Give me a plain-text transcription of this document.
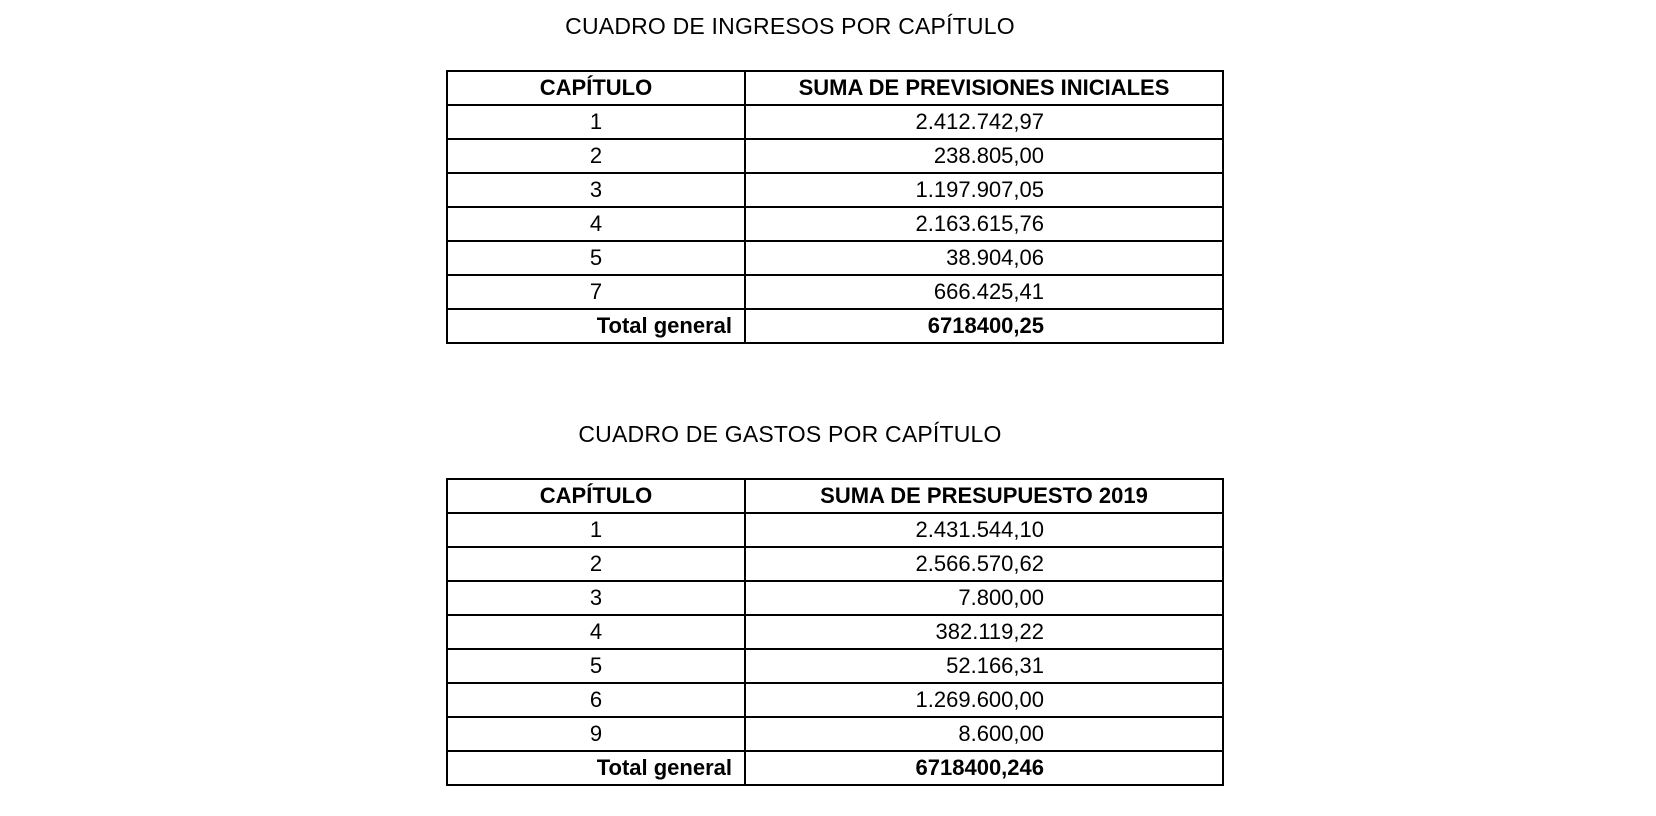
CUADRO DE INGRESOS POR CAPÍTULO
CAPÍTULO	SUMA DE PREVISIONES INICIALES
1	2.412.742,97
2	238.805,00
3	1.197.907,05
4	2.163.615,76
5	38.904,06
7	666.425,41
Total general	6718400,25
CUADRO DE GASTOS POR CAPÍTULO
CAPÍTULO	SUMA DE PRESUPUESTO 2019
1	2.431.544,10
2	2.566.570,62
3	7.800,00
4	382.119,22
5	52.166,31
6	1.269.600,00
9	8.600,00
Total general	6718400,246
